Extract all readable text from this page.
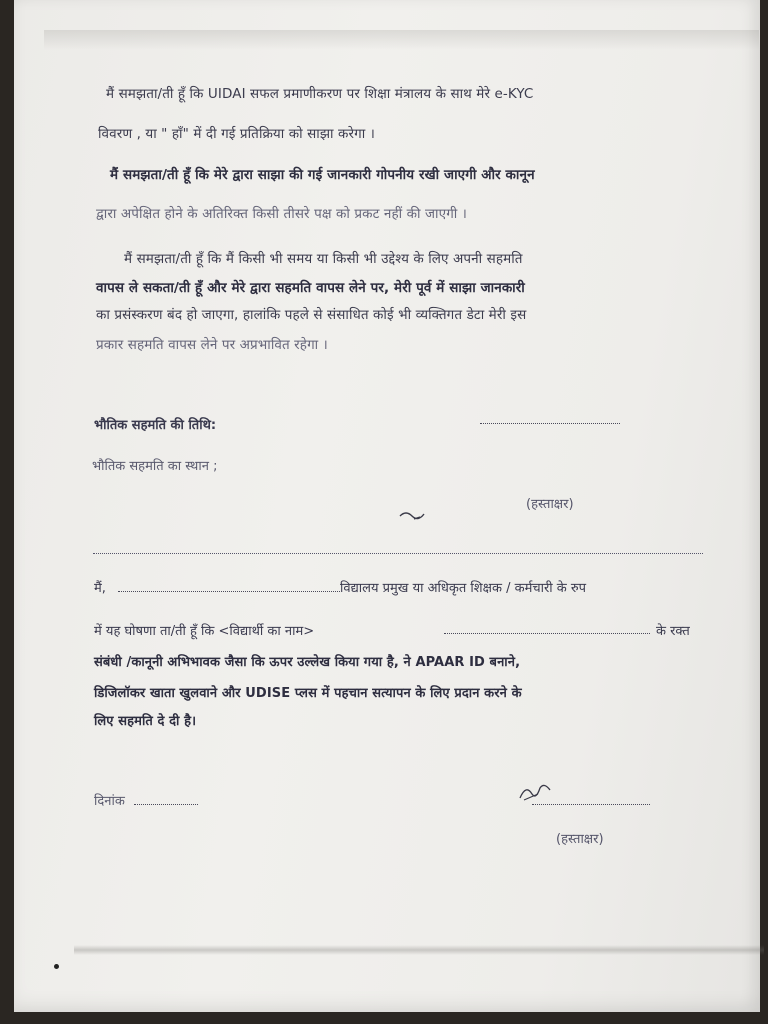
मैं समझता/ती हूँ कि UIDAI सफल प्रमाणीकरण पर शिक्षा मंत्रालय के साथ मेरे e-KYC
विवरण , या " हाँ" में दी गई प्रतिक्रिया को साझा करेगा ।
मैं समझता/ती हूँ कि मेरे द्वारा साझा की गई जानकारी गोपनीय रखी जाएगी और कानून
द्वारा अपेक्षित होने के अतिरिक्त किसी तीसरे पक्ष को प्रकट नहीं की जाएगी ।
मैं समझता/ती हूँ कि मैं किसी भी समय या किसी भी उद्देश्य के लिए अपनी सहमति
वापस ले सकता/ती हूँ और मेरे द्वारा सहमति वापस लेने पर, मेरी पूर्व में साझा जानकारी
का प्रसंस्करण बंद हो जाएगा, हालांकि पहले से संसाधित कोई भी व्यक्तिगत डेटा मेरी इस
प्रकार सहमति वापस लेने पर अप्रभावित रहेगा ।
भौतिक सहमति की तिथि:
भौतिक सहमति का स्थान ;
(हस्ताक्षर)
मैं,	विद्यालय प्रमुख या अधिकृत शिक्षक / कर्मचारी के रुप
में यह घोषणा ता/ती हूँ कि <विद्यार्थी का नाम>	के रक्त
संबंधी /कानूनी अभिभावक जैसा कि ऊपर उल्लेख किया गया है, ने APAAR ID बनाने,
डिजिलॉकर खाता खुलवाने और UDISE प्लस में पहचान सत्यापन के लिए प्रदान करने के
लिए सहमति दे दी है।
दिनांक
(हस्ताक्षर)
